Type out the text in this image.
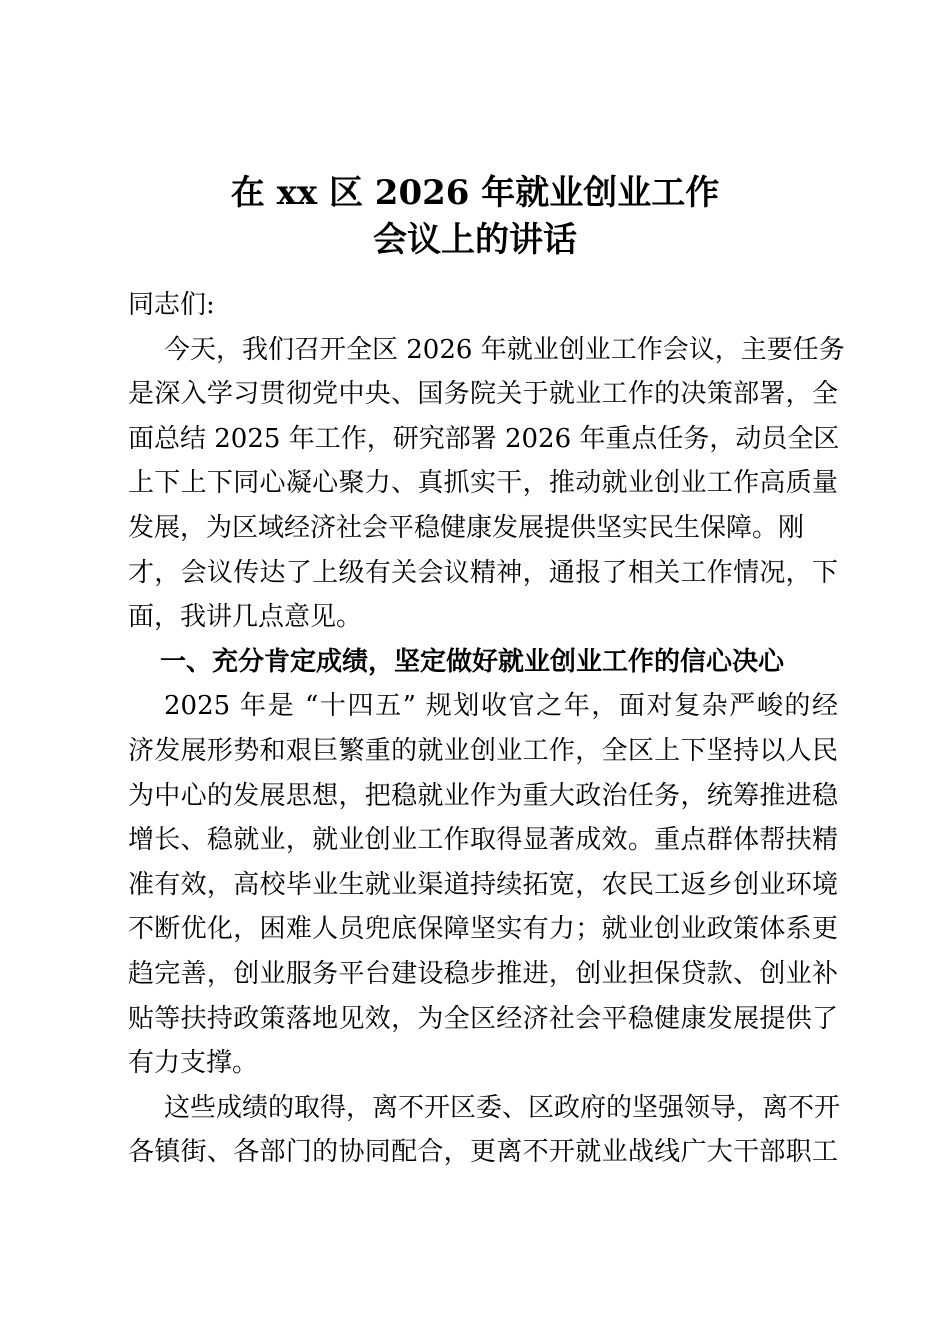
在 xx 区 2026 年就业创业工作
会议上的讲话
同志们:
今天，我们召开全区 2026 年就业创业工作会议，主要任务
是深入学习贯彻党中央、国务院关于就业工作的决策部署，全
面总结 2025 年工作，研究部署 2026 年重点任务，动员全区
上下上下同心凝心聚力、真抓实干，推动就业创业工作高质量
发展，为区域经济社会平稳健康发展提供坚实民生保障。刚
才，会议传达了上级有关会议精神，通报了相关工作情况，下
面，我讲几点意见。
一、充分肯定成绩，坚定做好就业创业工作的信心决心
2025 年是 “十四五” 规划收官之年，面对复杂严峻的经
济发展形势和艰巨繁重的就业创业工作，全区上下坚持以人民
为中心的发展思想，把稳就业作为重大政治任务，统筹推进稳
增长、稳就业，就业创业工作取得显著成效。重点群体帮扶精
准有效，高校毕业生就业渠道持续拓宽，农民工返乡创业环境
不断优化，困难人员兜底保障坚实有力；就业创业政策体系更
趋完善，创业服务平台建设稳步推进，创业担保贷款、创业补
贴等扶持政策落地见效，为全区经济社会平稳健康发展提供了
有力支撑。
这些成绩的取得，离不开区委、区政府的坚强领导，离不开
各镇街、各部门的协同配合，更离不开就业战线广大干部职工
